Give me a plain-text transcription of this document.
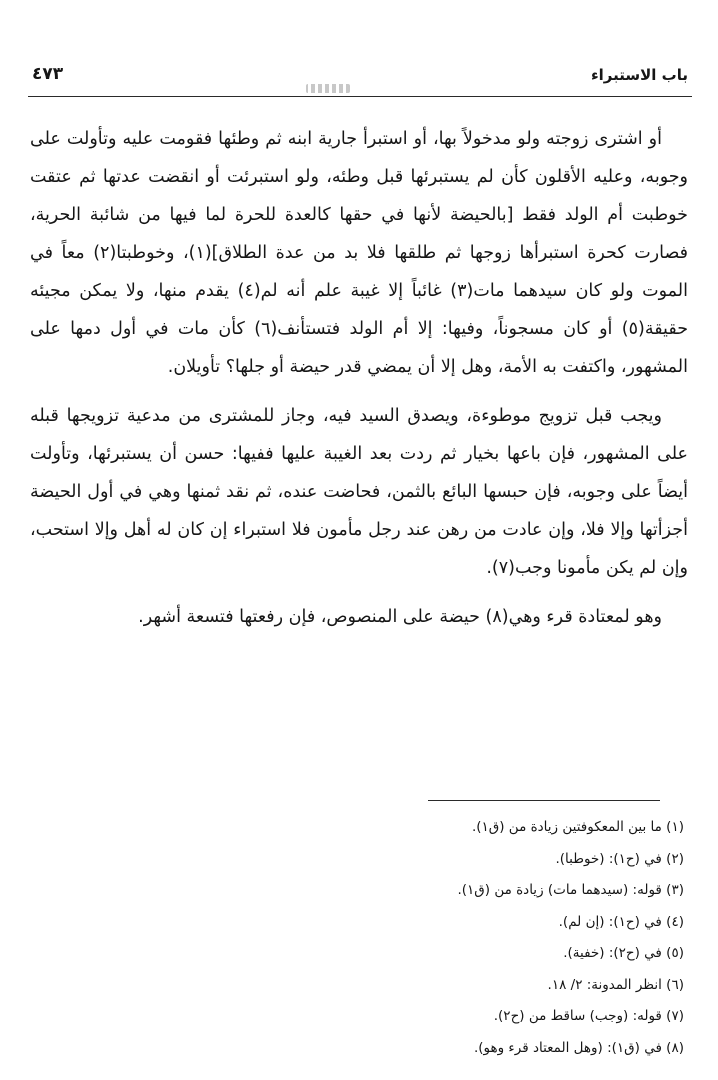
باب الاستبراء
٤٧٣

أو اشترى زوجته ولو مدخولاً بها، أو استبرأ جارية ابنه ثم وطئها فقومت عليه وتأولت على وجوبه، وعليه الأقلون كأن لم يستبرئها قبل وطئه، ولو استبرئت أو انقضت عدتها ثم عتقت خوطبت أم الولد فقط [بالحيضة لأنها في حقها كالعدة للحرة لما فيها من شائبة الحرية، فصارت كحرة استبرأها زوجها ثم طلقها فلا بد من عدة الطلاق](١)، وخوطبتا(٢) معاً في الموت ولو كان سيدهما مات(٣) غائباً إلا غيبة علم أنه لم(٤) يقدم منها، ولا يمكن مجيئه حقيقة(٥) أو كان مسجوناً، وفيها: إلا أم الولد فتستأنف(٦) كأن مات في أول دمها على المشهور، واكتفت به الأمة، وهل إلا أن يمضي قدر حيضة أو جلها؟ تأويلان.

ويجب قبل تزويج موطوءة، ويصدق السيد فيه، وجاز للمشترى من مدعية تزويجها قبله على المشهور، فإن باعها بخيار ثم ردت بعد الغيبة عليها ففيها: حسن أن يستبرئها، وتأولت أيضاً على وجوبه، فإن حبسها البائع بالثمن، فحاضت عنده، ثم نقد ثمنها وهي في أول الحيضة أجزأتها وإلا فلا، وإن عادت من رهن عند رجل مأمون فلا استبراء إن كان له أهل وإلا استحب، وإن لم يكن مأمونا وجب(٧).

وهو لمعتادة قرء وهي(٨) حيضة على المنصوص، فإن رفعتها فتسعة أشهر.

(١) ما بين المعكوفتين زيادة من (ق١).
(٢) في (ح١): (خوطبا).
(٣) قوله: (سيدهما مات) زيادة من (ق١).
(٤) في (ح١): (إن لم).
(٥) في (ح٢): (خفية).
(٦) انظر المدونة: ٢/ ١٨.
(٧) قوله: (وجب) ساقط من (ح٢).
(٨) في (ق١): (وهل المعتاد قرء وهو).
